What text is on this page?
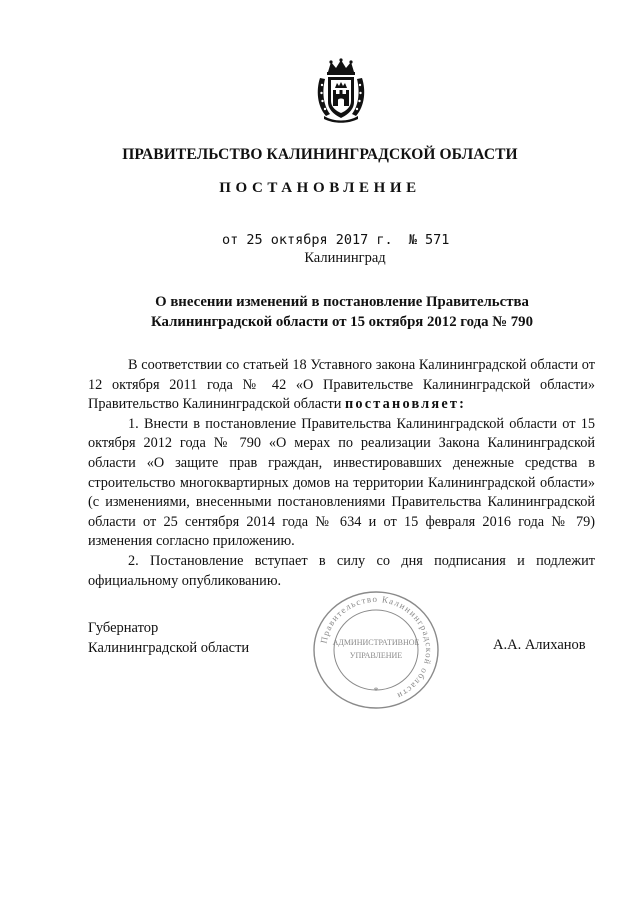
ПРАВИТЕЛЬСТВО КАЛИНИНГРАДСКОЙ ОБЛАСТИ
ПОСТАНОВЛЕНИЕ
от 25 октября 2017 г. № 571
Калининград
О внесении изменений в постановление Правительства
Калининградской области от 15 октября 2012 года № 790

В соответствии со статьей 18 Уставного закона Калининградской области от 12 октября 2011 года № 42 «О Правительстве Калининградской области» Правительство Калининградской области постановляет:

1. Внести в постановление Правительства Калининградской области от 15 октября 2012 года № 790 «О мерах по реализации Закона Калининградской области «О защите прав граждан, инвестировавших денежные средства в строительство многоквартирных домов на территории Калининградской области» (с изменениями, внесенными постановлениями Правительства Калининградской области от 25 сентября 2014 года № 634 и от 15 февраля 2016 года № 79) изменения согласно приложению.

2. Постановление вступает в силу со дня подписания и подлежит официальному опубликованию.

Губернатор
Калининградской области	А.А. Алиханов
Правительство Калининградской области
АДМИНИСТРАТИВНОЕ
УПРАВЛЕНИЕ
*
